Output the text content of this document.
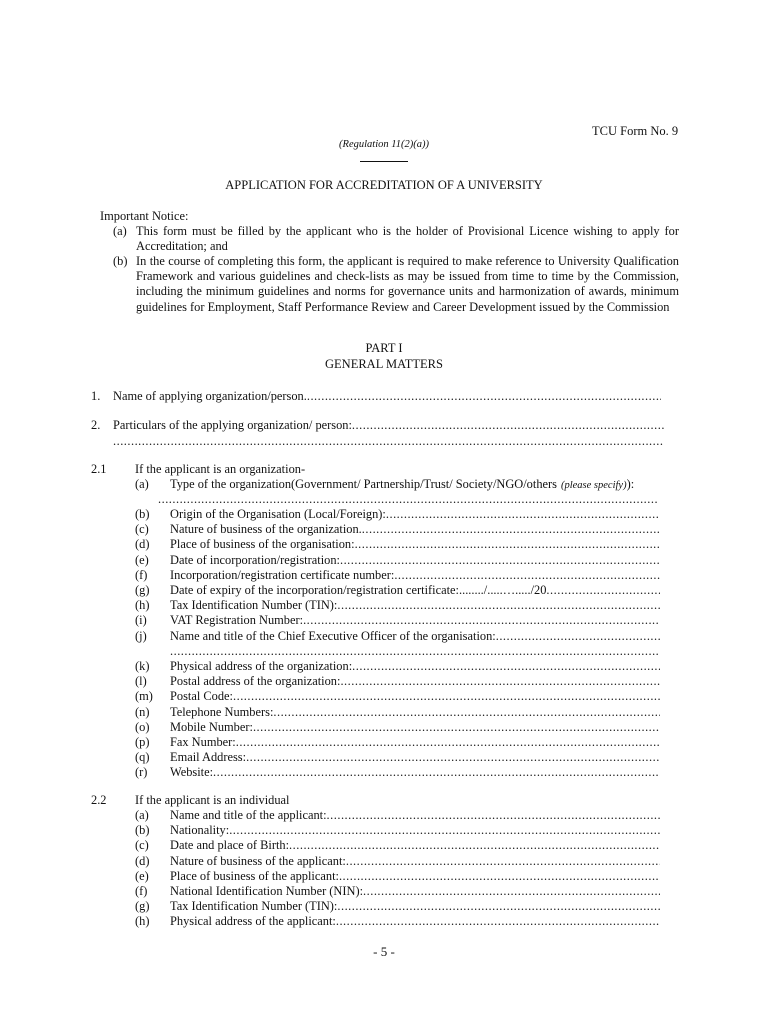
TCU Form No. 9
(Regulation 11(2)(a))
APPLICATION FOR ACCREDITATION OF A UNIVERSITY
Important Notice:
(a) This form must be filled by the applicant who is the holder of Provisional Licence wishing to apply for Accreditation; and
(b) In the course of completing this form, the applicant is required to make reference to University Qualification Framework and various guidelines and check-lists as may be issued from time to time by the Commission, including the minimum guidelines and norms for governance units and harmonization of awards, minimum guidelines for Employment, Staff Performance Review and Career Development issued by the Commission
PART I
GENERAL MATTERS
1.	Name of applying organization/person.
.....
2.	Particulars of the applying organization/ person:
.....
.....
2.1	If the applicant is an organization-
(a)	Type of the organization(Government/ Partnership/Trust/ Society/NGO/others (please specify) ):
.....
(b)	Origin of the Organisation (Local/Foreign):
.....
(c)	Nature of business of the organization.
.....
(d)	Place of business of the organisation:
.....
(e)	Date of incorporation/registration:
.....
(f)	Incorporation/registration certificate number:
.....
(g)	Date of expiry of the incorporation/registration certificate:......../.....…...../20
.....
(h)	Tax Identification Number (TIN):
.....
(i)	VAT Registration Number:
.....
(j)	Name and title of the Chief Executive Officer of the organisation:
.....
.....
(k)	Physical address of the organization:
.....
(l)	Postal address of the organization:
.....
(m)	Postal Code:
.....
(n)	Telephone Numbers:
.....
(o)	Mobile Number:
.....
(p)	Fax Number:
.....
(q)	Email Address:
.....
(r)	Website:
.....
2.2	If the applicant is an individual
(a)	Name and title of the applicant:
.....
(b)	Nationality:
.....
(c)	Date and place of Birth:
.....
(d)	Nature of business of the applicant:
.....
(e)	Place of business of the applicant:
.....
(f)	National Identification Number (NIN):
.....
(g)	Tax Identification Number (TIN):
.....
(h)	Physical address of the applicant:
.....
- 5 -
